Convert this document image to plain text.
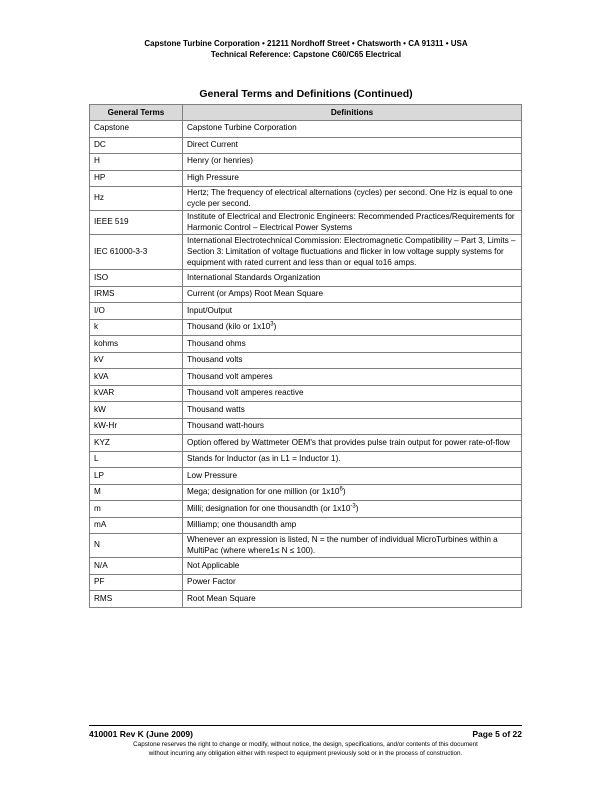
Capstone Turbine Corporation • 21211 Nordhoff Street • Chatsworth • CA 91311 • USA
Technical Reference: Capstone C60/C65 Electrical
General Terms and Definitions (Continued)
General Terms	Definitions
Capstone	Capstone Turbine Corporation
DC	Direct Current
H	Henry (or henries)
HP	High Pressure
Hz	Hertz; The frequency of electrical alternations (cycles) per second. One Hz is equal to one cycle per second.
IEEE 519	Institute of Electrical and Electronic Engineers: Recommended Practices/Requirements for Harmonic Control – Electrical Power Systems
IEC 61000-3-3	International Electrotechnical Commission: Electromagnetic Compatibility – Part 3, Limits – Section 3: Limitation of voltage fluctuations and flicker in low voltage supply systems for equipment with rated current and less than or equal to16 amps.
ISO	International Standards Organization
IRMS	Current (or Amps) Root Mean Square
I/O	Input/Output
k	Thousand (kilo or $1x10^3$)
kohms	Thousand ohms
kV	Thousand volts
kVA	Thousand volt amperes
kVAR	Thousand volt amperes reactive
kW	Thousand watts
kW-Hr	Thousand watt-hours
KYZ	Option offered by Wattmeter OEM's that provides pulse train output for power rate-of-flow
L	Stands for Inductor (as in L1 = Inductor 1).
LP	Low Pressure
M	Mega; designation for one million (or $1x10^6$)
m	Milli; designation for one thousandth (or $1x10^{-3}$)
mA	Milliamp; one thousandth amp
N	Whenever an expression is listed, N = the number of individual MicroTurbines within a MultiPac (where where1≤ N ≤ 100).
N/A	Not Applicable
PF	Power Factor
RMS	Root Mean Square
410001 Rev K (June 2009)	Page 5 of 22
Capstone reserves the right to change or modify, without notice, the design, specifications, and/or contents of this document
without incurring any obligation either with respect to equipment previously sold or in the process of construction.
